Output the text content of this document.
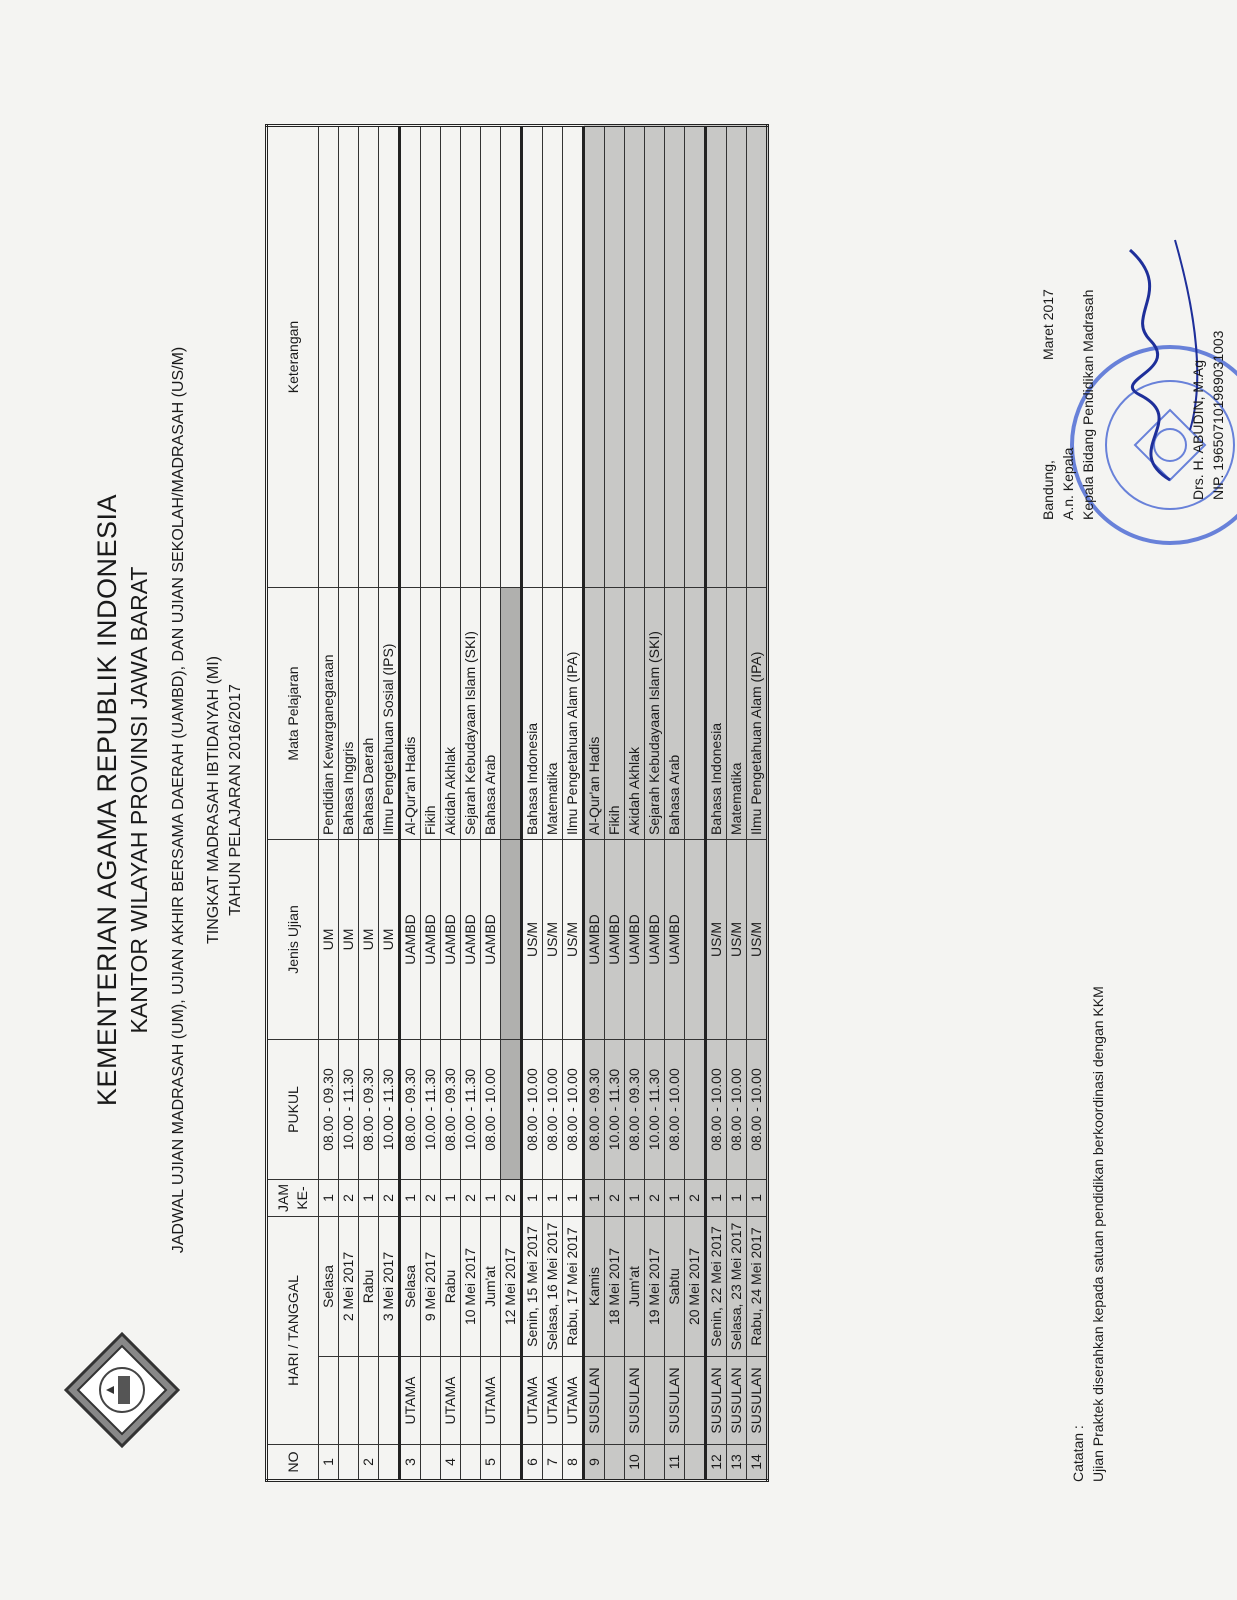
KEMENTERIAN AGAMA REPUBLIK INDONESIA KANTOR WILAYAH PROVINSI JAWA BARAT JADWAL UJIAN MADRASAH (UM), UJIAN AKHIR BERSAMA DAERAH (UAMBD), DAN UJIAN SEKOLAH/MADRASAH (US/M) TINGKAT MADRASAH IBTIDAIYAH (MI) TAHUN PELAJARAN 2016/2017
NO	HARI / TANGGAL		JAM KE-	PUKUL	Jenis Ujian	Mata Pelajaran	Keterangan
1		Selasa	1	08.00 - 09.30	UM	Pendidian Kewarganegaraan	
		2 Mei 2017	2	10.00 - 11.30	UM	Bahasa Inggris	
2		Rabu	1	08.00 - 09.30	UM	Bahasa Daerah	
		3 Mei 2017	2	10.00 - 11.30	UM	Ilmu Pengetahuan Sosial (IPS)	
3	UTAMA	Selasa	1	08.00 - 09.30	UAMBD	Al-Qur'an Hadis	
		9 Mei 2017	2	10.00 - 11.30	UAMBD	Fikih	
4	UTAMA	Rabu	1	08.00 - 09.30	UAMBD	Akidah Akhlak	
		10 Mei 2017	2	10.00 - 11.30	UAMBD	Sejarah Kebudayaan Islam (SKI)	
5	UTAMA	Jum'at	1	08.00 - 10.00	UAMBD	Bahasa Arab	
		12 Mei 2017	2				
6	UTAMA	Senin, 15 Mei 2017	1	08.00 - 10.00	US/M	Bahasa Indonesia	
7	UTAMA	Selasa, 16 Mei 2017	1	08.00 - 10.00	US/M	Matematika	
8	UTAMA	Rabu, 17 Mei 2017	1	08.00 - 10.00	US/M	Ilmu Pengetahuan Alam (IPA)	
9	SUSULAN	Kamis	1	08.00 - 09.30	UAMBD	Al-Qur'an Hadis	
		18 Mei 2017	2	10.00 - 11.30	UAMBD	Fikih	
10	SUSULAN	Jum'at	1	08.00 - 09.30	UAMBD	Akidah Akhlak	
		19 Mei 2017	2	10.00 - 11.30	UAMBD	Sejarah Kebudayaan Islam (SKI)	
11	SUSULAN	Sabtu	1	08.00 - 10.00	UAMBD	Bahasa Arab	
		20 Mei 2017	2				
12	SUSULAN	Senin, 22 Mei 2017	1	08.00 - 10.00	US/M	Bahasa Indonesia	
13	SUSULAN	Selasa, 23 Mei 2017	1	08.00 - 10.00	US/M	Matematika	
14	SUSULAN	Rabu, 24 Mei 2017	1	08.00 - 10.00	US/M	Ilmu Pengetahuan Alam (IPA)	
Catatan : Ujian Praktek diserahkan kepada satuan pendidikan berkoordinasi dengan KKM
Bandung,
Maret 2017
A.n. Kepala Kepala Bidang Pendidikan Madrasah	Drs. H. ABUDIN, M.Ag NIP. 196507101989031003
